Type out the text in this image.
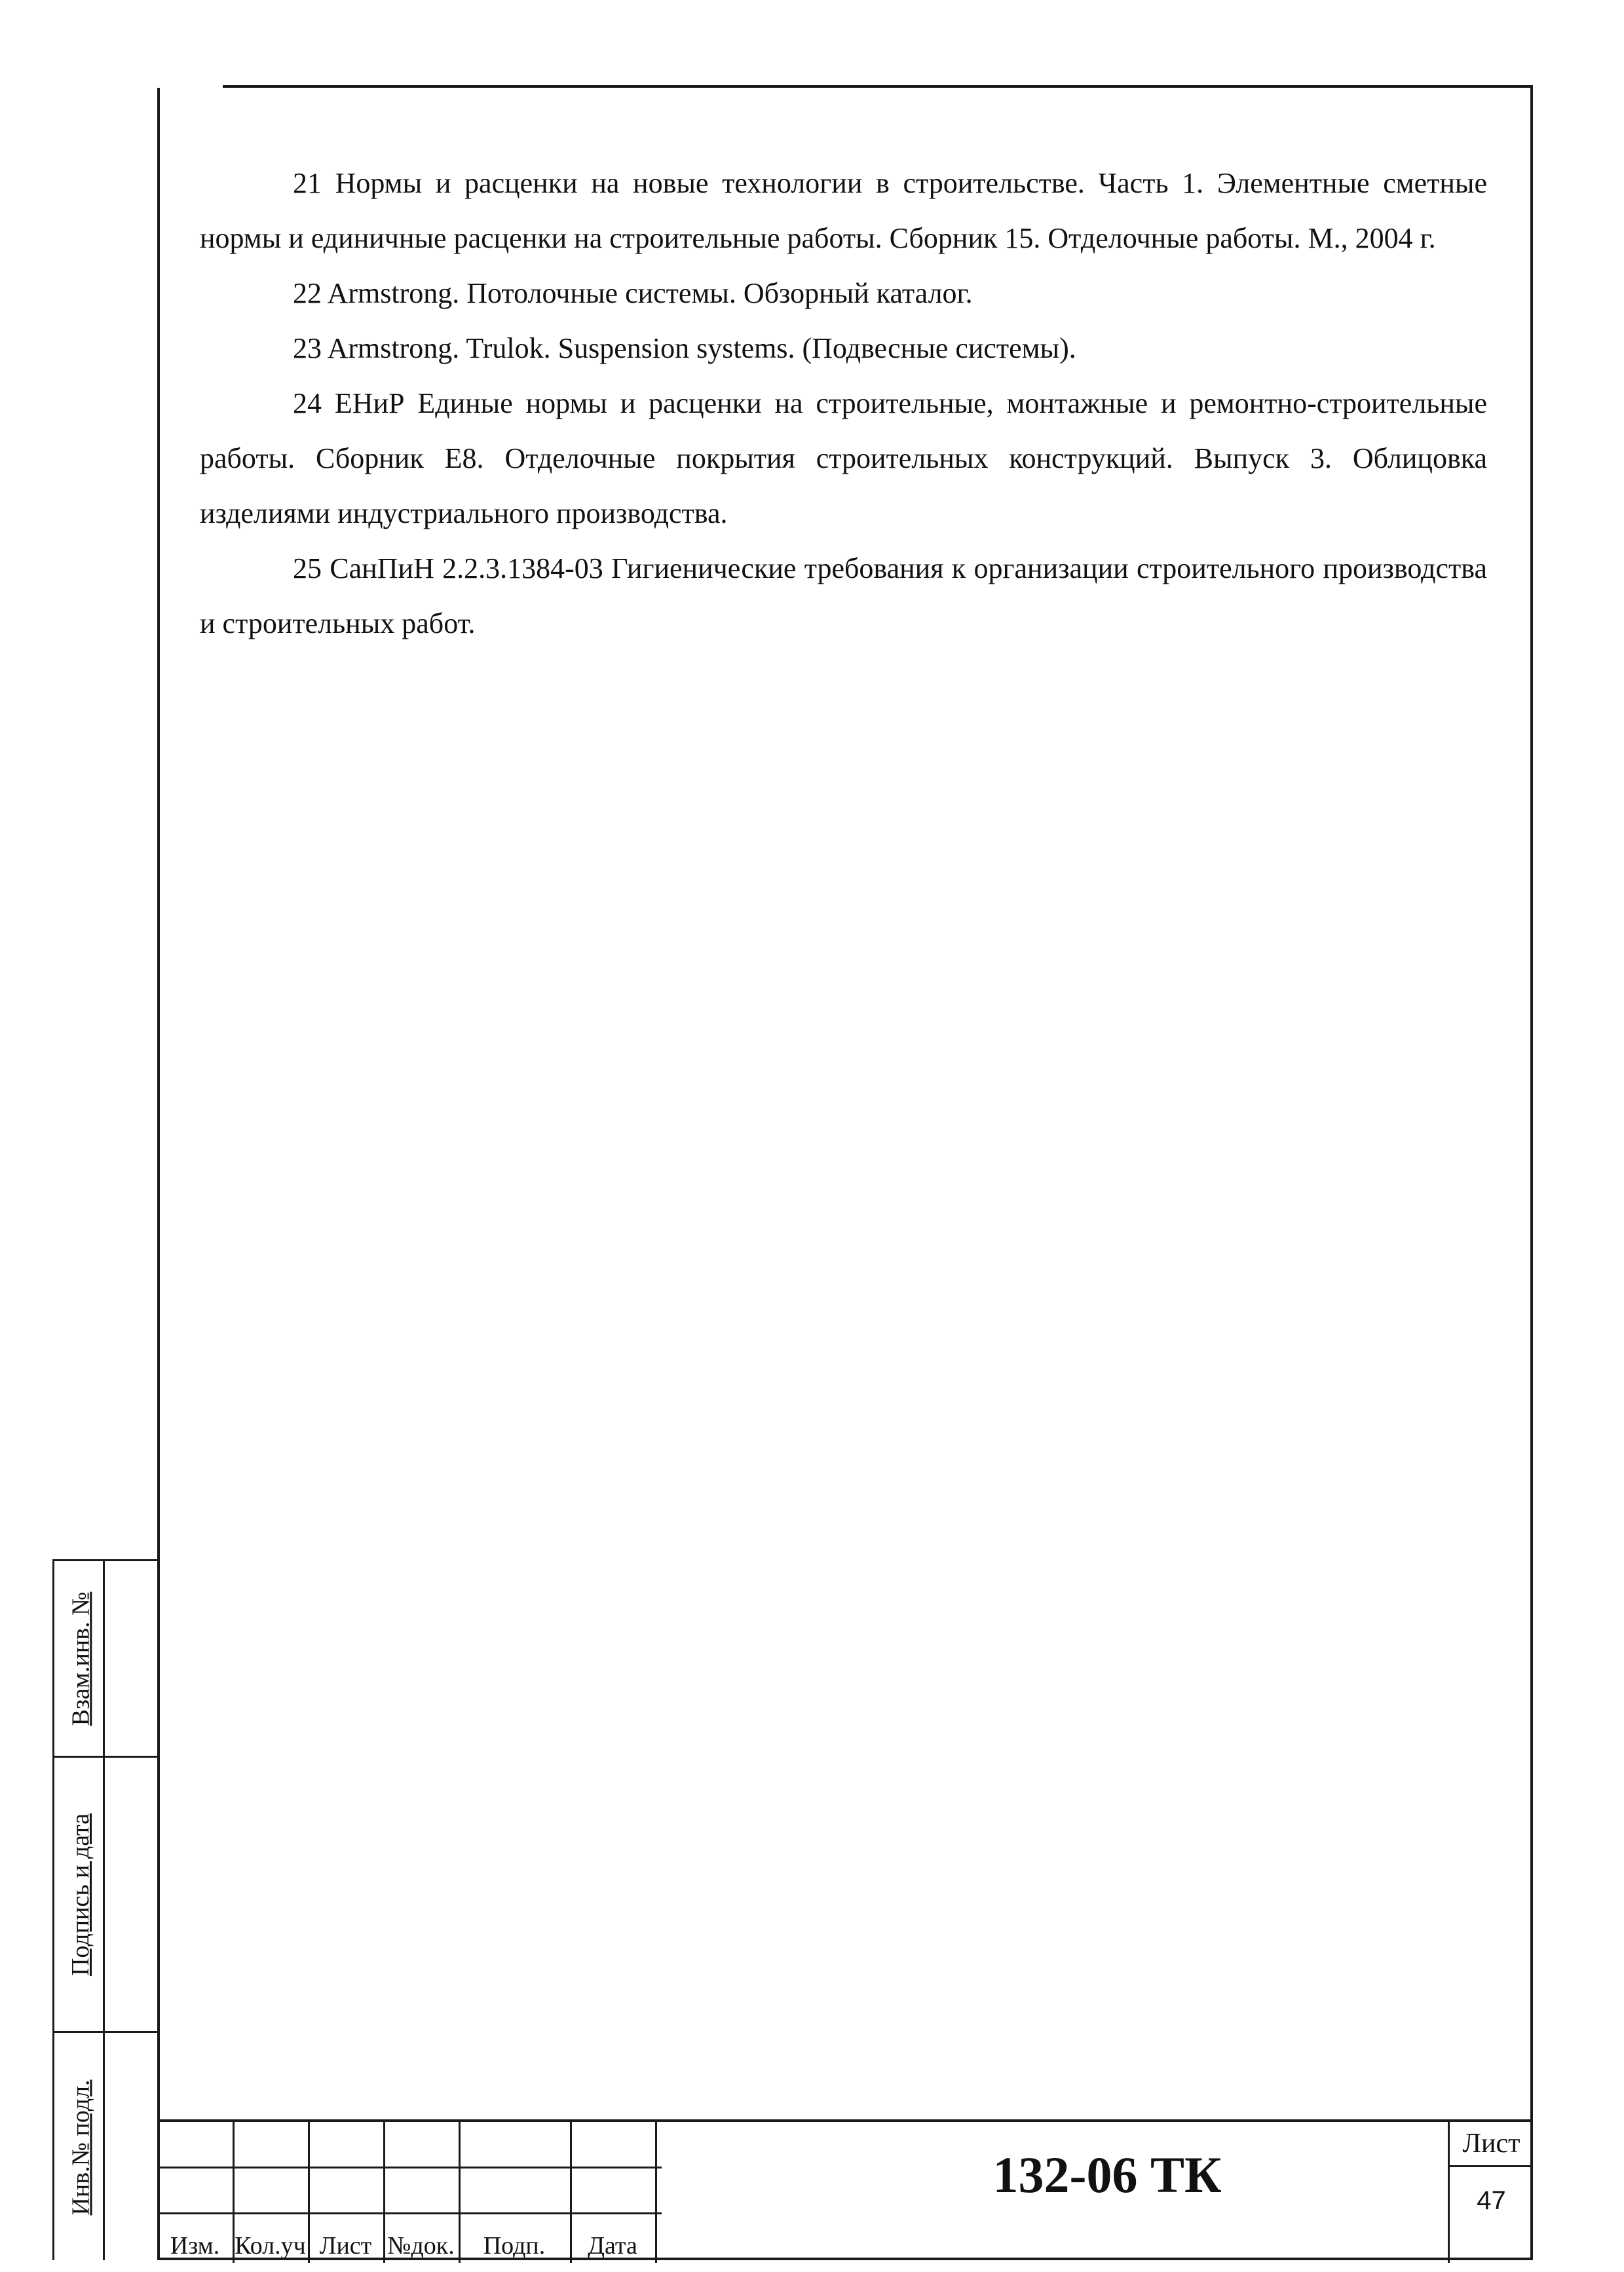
21 Нормы и расценки на новые технологии в строительстве. Часть 1. Элементные сметные нормы и единичные расценки на строительные работы. Сборник 15. Отделочные работы. М., 2004 г.

22 Armstrong. Потолочные системы. Обзорный каталог.

23 Armstrong. Trulok. Suspension systems. (Подвесные системы).

24 ЕНиР Единые нормы и расценки на строительные, монтажные и ремонтно-строительные работы. Сборник Е8. Отделочные покрытия строительных конструкций. Выпуск 3. Облицовка изделиями индустриального производства.

25 СанПиН 2.2.3.1384-03 Гигиенические требования к организации строительного производства и строительных работ.

Взам.инв. №
Подпись и дата
Инв.№ подл.
Изм. Кол.уч Лист №док.	Подп.	Дата
132-06 ТК
Лист
47
